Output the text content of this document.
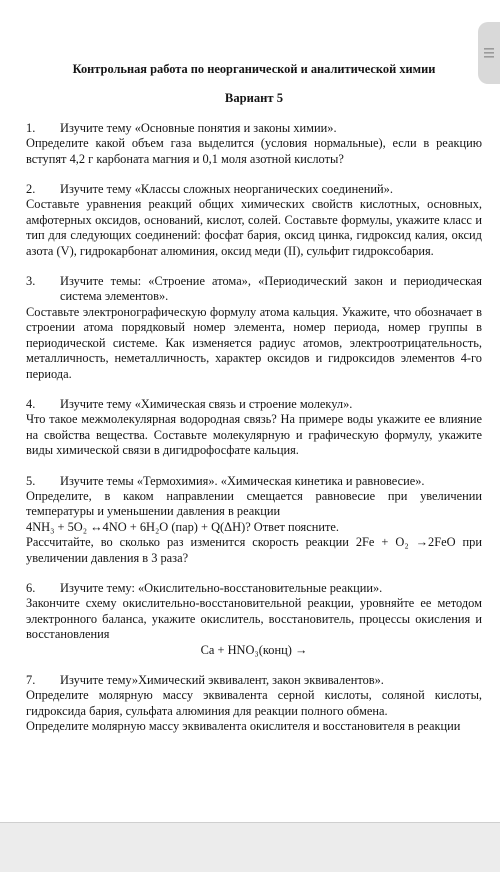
Контрольная работа по неорганической и аналитической химии
Вариант 5
1.	Изучите тему «Основные понятия и законы химии».

Определите какой объем газа выделится (условия нормальные), если в реакцию вступят 4,2 г карбоната магния и 0,1 моля азотной кислоты?

2.	Изучите тему «Классы сложных неорганических соединений».

Составьте уравнения реакций общих химических свойств кислотных, основных, амфотерных оксидов, оснований, кислот, солей. Составьте формулы, укажите класс и тип для следующих соединений: фосфат бария, оксид цинка, гидроксид калия, оксид азота (V), гидрокарбонат алюминия, оксид меди (II), сульфит гидроксобария.

3.	Изучите темы: «Строение атома», «Периодический закон и периодическая система элементов».

Составьте электронографическую формулу атома кальция. Укажите, что обозначает в строении атома порядковый номер элемента, номер периода, номер группы в периодической системе. Как изменяется радиус атомов, электроотрицательность, металличность, неметалличность, характер оксидов и гидроксидов элементов 4-го периода.

4.	Изучите тему «Химическая связь и строение молекул».

Что такое межмолекулярная водородная связь? На примере воды укажите ее влияние на свойства вещества. Составьте молекулярную и графическую формулу, укажите виды химической связи в дигидрофосфате кальция.

5.	Изучите темы «Термохимия». «Химическая кинетика и равновесие».

Определите, в каком направлении смещается равновесие при увеличении температуры и уменьшении давления в реакции

4NH₃ + 5O₂ ↔4NO + 6H₂O (пар) + Q(ΔH)? Ответ поясните.

Рассчитайте, во сколько раз изменится скорость реакции 2Fe + O₂ →2FeO при увеличении давления в 3 раза?

6.	Изучите тему: «Окислительно-восстановительные реакции».

Закончите схему окислительно-восстановительной реакции, уровняйте ее методом электронного баланса, укажите окислитель, восстановитель, процессы окисления и восстановления

Ca + HNO₃(конц) →

7.	Изучите тему»Химический эквивалент, закон эквивалентов».

Определите молярную массу эквивалента серной кислоты, соляной кислоты, гидроксида бария, сульфата алюминия для реакции полного обмена.

Определите молярную массу эквивалента окислителя и восстановителя в реакции
